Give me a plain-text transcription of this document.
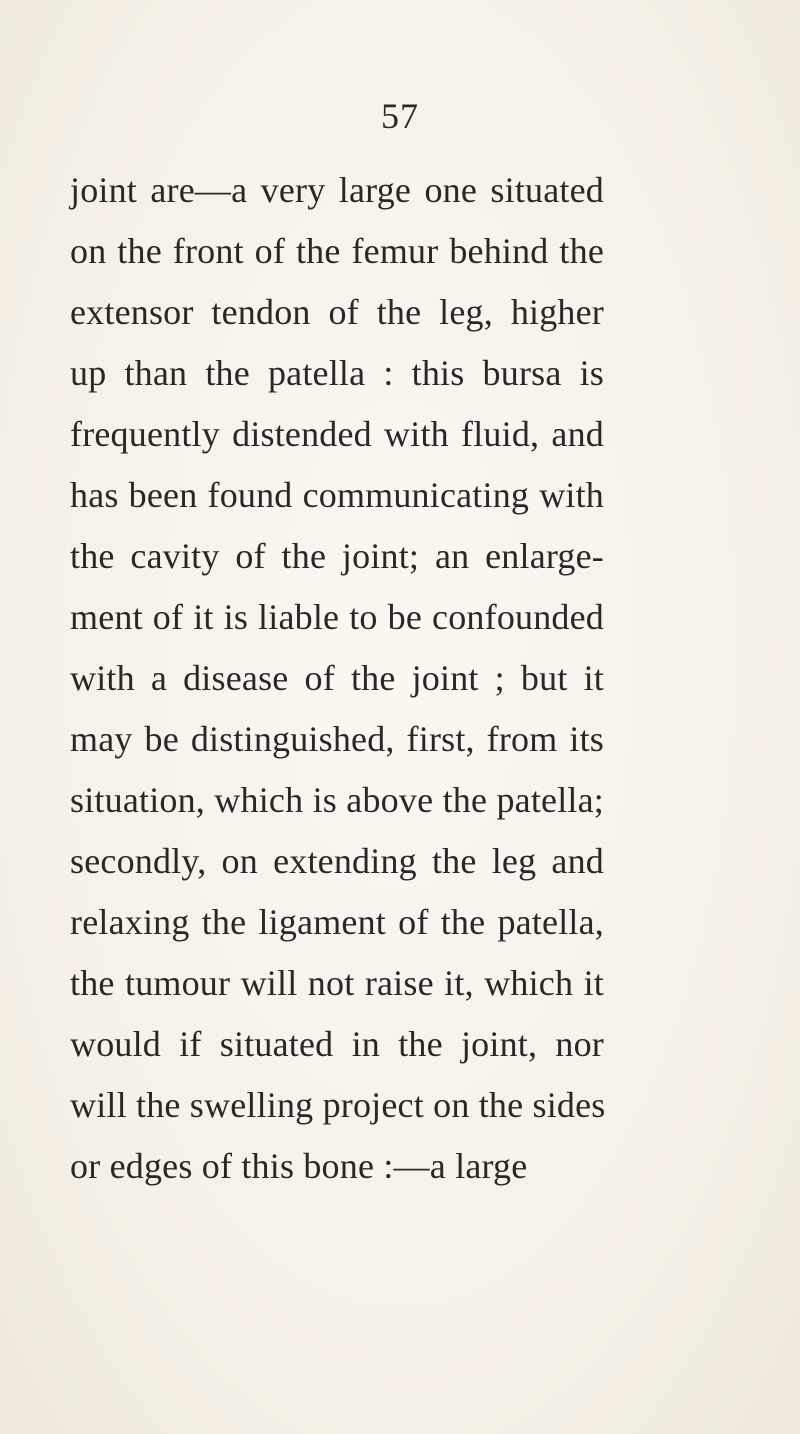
57
joint are—a very large one situated
on the front of the femur behind the
extensor tendon of the leg, higher
up than the patella : this bursa is
frequently distended with fluid, and
has been found communicating with
the cavity of the joint; an enlarge-
ment of it is liable to be confounded
with a disease of the joint ; but it
may be distinguished, first, from its
situation, which is above the patella;
secondly, on extending the leg and
relaxing the ligament of the patella,
the tumour will not raise it, which it
would if situated in the joint, nor
will the swelling project on the sides
or edges of this bone :—a large
